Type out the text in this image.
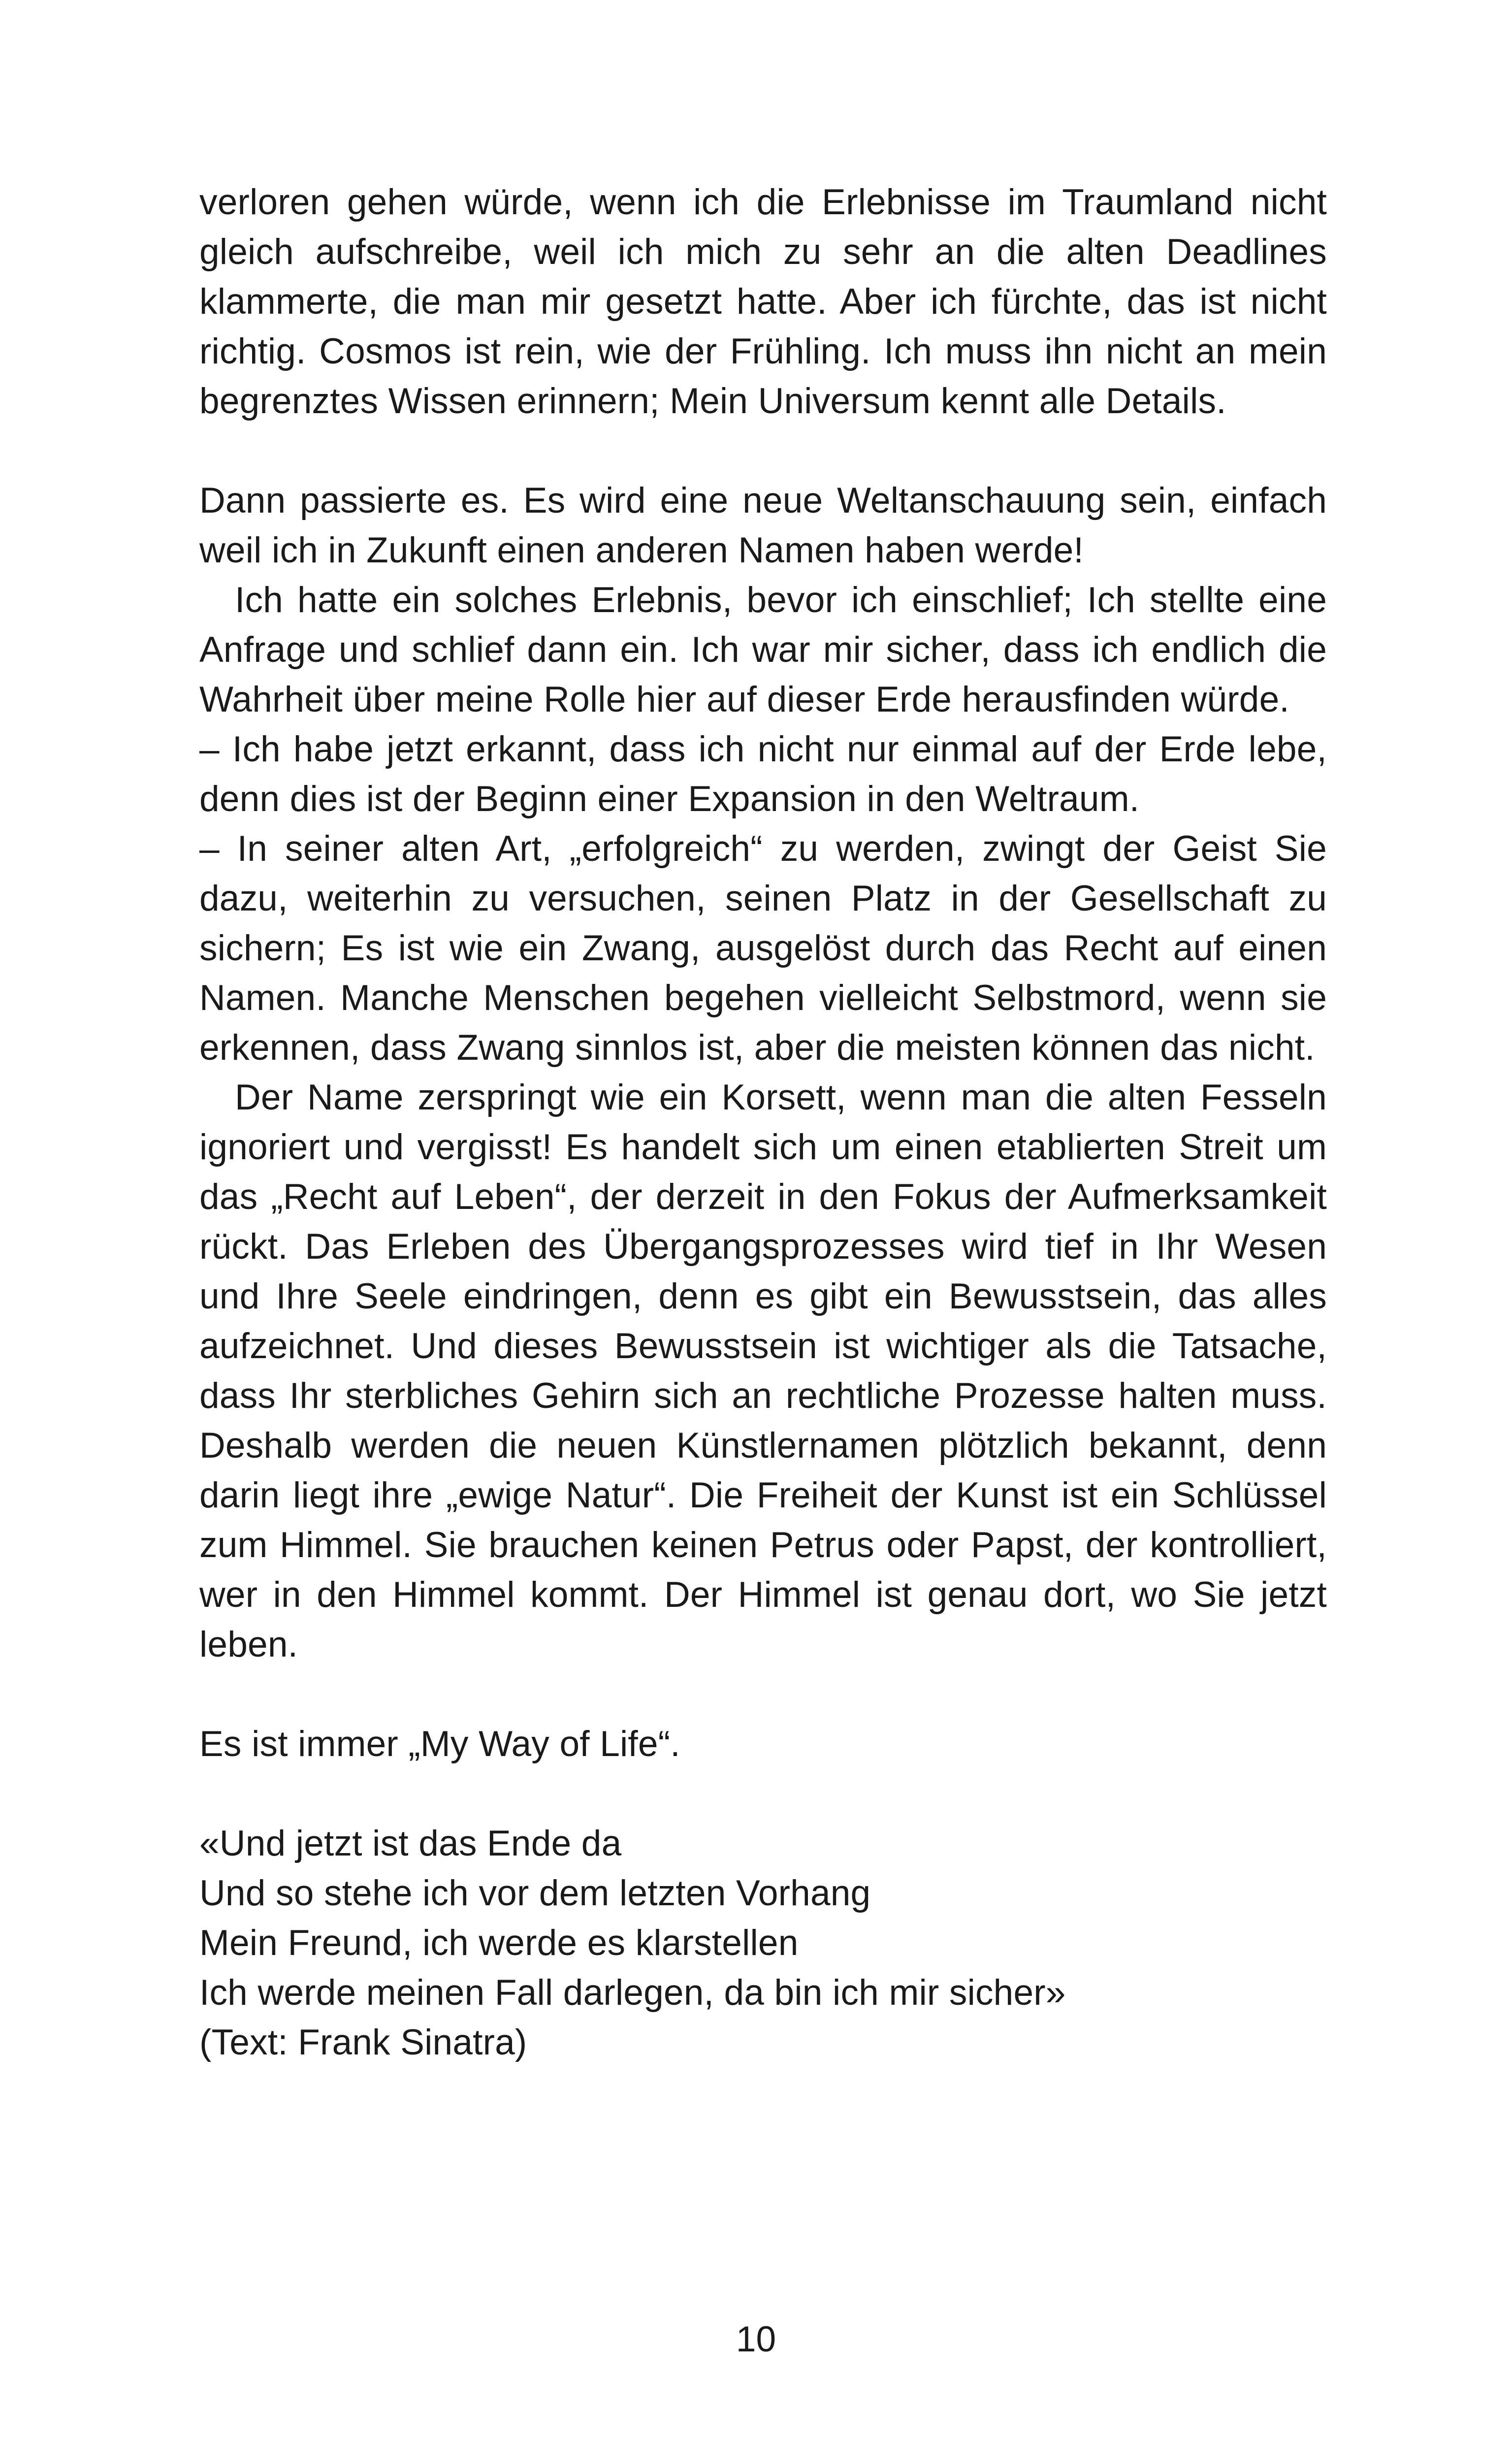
verloren gehen würde, wenn ich die Erlebnisse im Traumland nicht gleich aufschreibe, weil ich mich zu sehr an die alten Deadlines klammerte, die man mir gesetzt hatte. Aber ich fürchte, das ist nicht richtig. Cosmos ist rein, wie der Frühling. Ich muss ihn nicht an mein begrenztes Wissen erinnern; Mein Universum kennt alle Details.

Dann passierte es. Es wird eine neue Weltanschauung sein, einfach weil ich in Zukunft einen anderen Namen haben werde!

Ich hatte ein solches Erlebnis, bevor ich einschlief; Ich stellte eine Anfrage und schlief dann ein. Ich war mir sicher, dass ich endlich die Wahrheit über meine Rolle hier auf dieser Erde herausfinden würde.

– Ich habe jetzt erkannt, dass ich nicht nur einmal auf der Erde lebe, denn dies ist der Beginn einer Expansion in den Weltraum.

– In seiner alten Art, „erfolgreich“ zu werden, zwingt der Geist Sie dazu, weiterhin zu versuchen, seinen Platz in der Gesellschaft zu sichern; Es ist wie ein Zwang, ausgelöst durch das Recht auf einen Namen. Manche Menschen begehen vielleicht Selbstmord, wenn sie erkennen, dass Zwang sinnlos ist, aber die meisten können das nicht.

Der Name zerspringt wie ein Korsett, wenn man die alten Fesseln ignoriert und vergisst! Es handelt sich um einen etablierten Streit um das „Recht auf Leben“, der derzeit in den Fokus der Aufmerksamkeit rückt. Das Erleben des Übergangsprozesses wird tief in Ihr Wesen und Ihre Seele eindringen, denn es gibt ein Bewusstsein, das alles aufzeichnet. Und dieses Bewusstsein ist wichtiger als die Tatsache, dass Ihr sterbliches Gehirn sich an rechtliche Prozesse halten muss. Deshalb werden die neuen Künstlernamen plötzlich bekannt, denn darin liegt ihre „ewige Natur“. Die Freiheit der Kunst ist ein Schlüssel zum Himmel. Sie brauchen keinen Petrus oder Papst, der kontrolliert, wer in den Himmel kommt. Der Himmel ist genau dort, wo Sie jetzt leben.

Es ist immer „My Way of Life“.

«Und jetzt ist das Ende da
Und so stehe ich vor dem letzten Vorhang
Mein Freund, ich werde es klarstellen
Ich werde meinen Fall darlegen, da bin ich mir sicher»
(Text: Frank Sinatra)
10
